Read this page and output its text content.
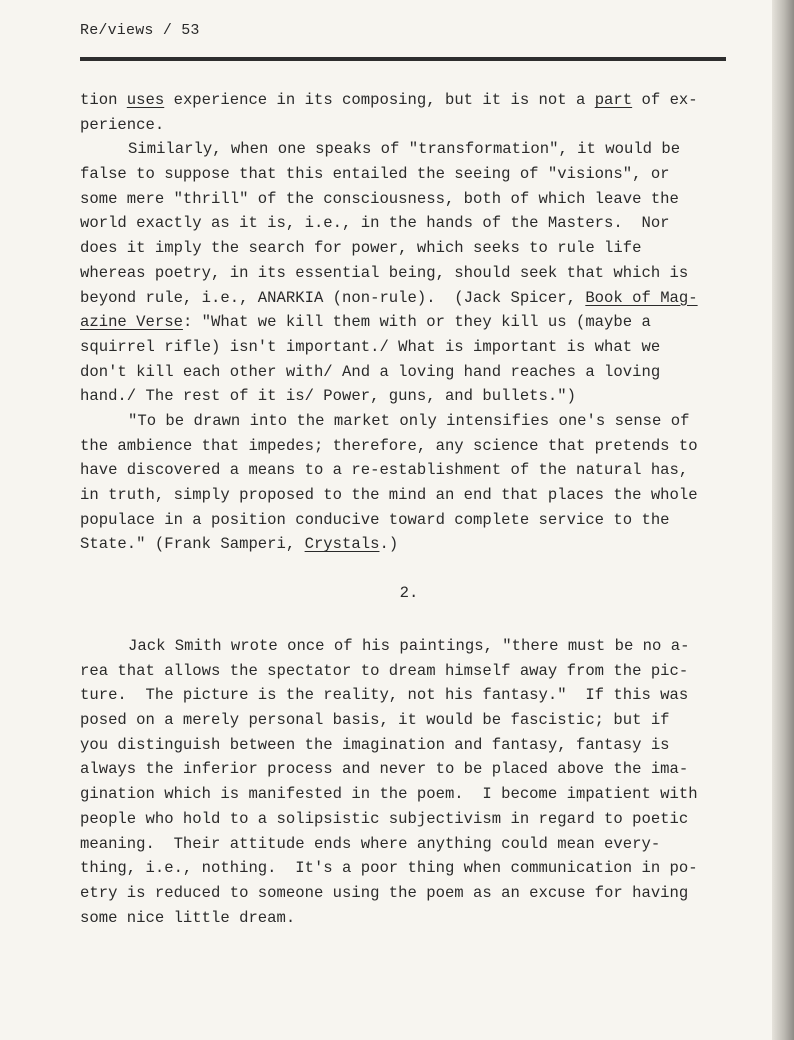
Re/views / 53
tion uses experience in its composing, but it is not a part of ex-
perience.
Similarly, when one speaks of "transformation", it would be
false to suppose that this entailed the seeing of "visions", or
some mere "thrill" of the consciousness, both of which leave the
world exactly as it is, i.e., in the hands of the Masters.  Nor
does it imply the search for power, which seeks to rule life
whereas poetry, in its essential being, should seek that which is
beyond rule, i.e., ANARKIA (non-rule).  (Jack Spicer, Book of Mag-
azine Verse: "What we kill them with or they kill us (maybe a
squirrel rifle) isn't important./ What is important is what we
don't kill each other with/ And a loving hand reaches a loving
hand./ The rest of it is/ Power, guns, and bullets.")
"To be drawn into the market only intensifies one's sense of
the ambience that impedes; therefore, any science that pretends to
have discovered a means to a re-establishment of the natural has,
in truth, simply proposed to the mind an end that places the whole
populace in a position conducive toward complete service to the
State." (Frank Samperi, Crystals.)
2.
Jack Smith wrote once of his paintings, "there must be no a-
rea that allows the spectator to dream himself away from the pic-
ture.  The picture is the reality, not his fantasy."  If this was
posed on a merely personal basis, it would be fascistic; but if
you distinguish between the imagination and fantasy, fantasy is
always the inferior process and never to be placed above the ima-
gination which is manifested in the poem.  I become impatient with
people who hold to a solipsistic subjectivism in regard to poetic
meaning.  Their attitude ends where anything could mean every-
thing, i.e., nothing.  It's a poor thing when communication in po-
etry is reduced to someone using the poem as an excuse for having
some nice little dream.
